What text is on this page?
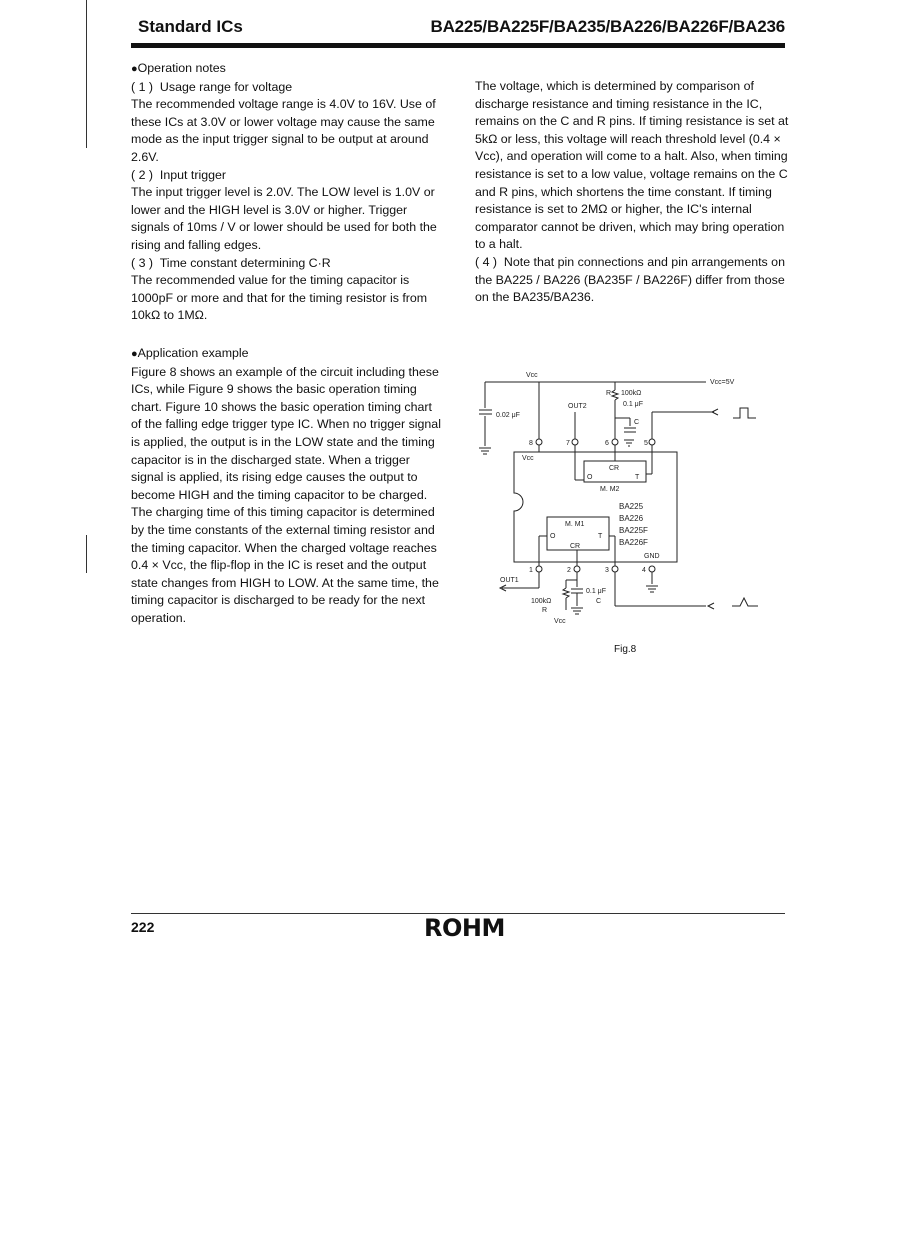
Standard ICs	BA225/BA225F/BA235/BA226/BA226F/BA236

●Operation notes

( 1 ) Usage range for voltage

The recommended voltage range is 4.0V to 16V. Use of these ICs at 3.0V or lower voltage may cause the same mode as the input trigger signal to be output at around 2.6V.

( 2 ) Input trigger

The input trigger level is 2.0V. The LOW level is 1.0V or lower and the HIGH level is 3.0V or higher. Trigger signals of 10ms / V or lower should be used for both the rising and falling edges.

( 3 ) Time constant determining C·R

The recommended value for the timing capacitor is 1000pF or more and that for the timing resistor is from 10kΩ to 1MΩ.

The voltage, which is determined by comparison of discharge resistance and timing resistance in the IC, remains on the C and R pins. If timing resistance is set at 5kΩ or less, this voltage will reach threshold level (0.4 × Vcc), and operation will come to a halt. Also, when timing resistance is set to a low value, voltage remains on the C and R pins, which shortens the time constant. If timing resistance is set to 2MΩ or higher, the IC's internal comparator cannot be driven, which may bring operation to a halt.

( 4 ) Note that pin connections and pin arrangements on the BA225 / BA226 (BA235F / BA226F) differ from those on the BA235/BA236.

●Application example

Figure 8 shows an example of the circuit including these ICs, while Figure 9 shows the basic operation timing chart. Figure 10 shows the basic operation timing chart of the falling edge trigger type IC. When no trigger signal is applied, the output is in the LOW state and the timing capacitor is in the discharged state. When a trigger signal is applied, its rising edge causes the output to become HIGH and the timing capacitor to be charged.

The charging time of this timing capacitor is determined by the time constants of the external timing resistor and the timing capacitor. When the charged voltage reaches 0.4 × Vcc, the flip-flop in the IC is reset and the output state changes from HIGH to LOW. At the same time, the timing capacitor is discharged to be ready for the next operation.

Vcc
Vcc=5V
0.02 μF
8
OUT2
7
R 100kΩ
0.1 μF
C
6	5
Vcc
CR
O	T
M. M2
BA225
BA226
BA225F
BA226F
GND
M. M1
O	T
CR
1	2	3	4
OUT1
100kΩ
R
0.1 μF
C
Vcc
Fig.8
222	ROHM
